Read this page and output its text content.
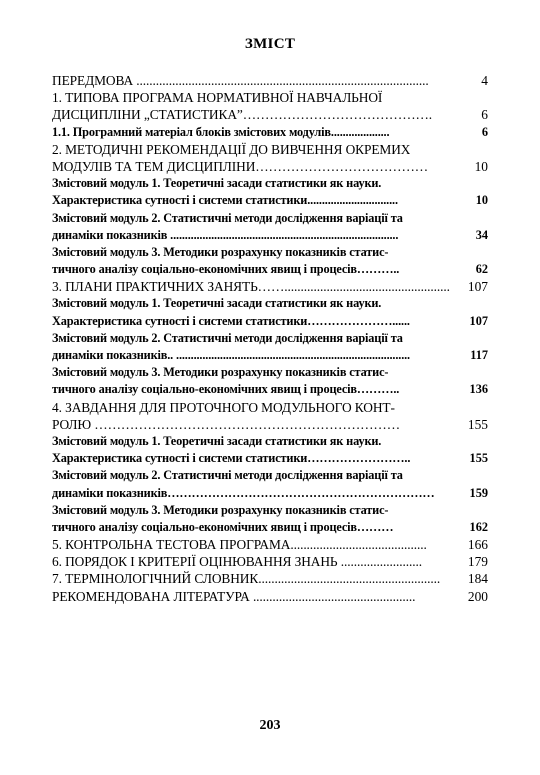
ЗМІСТ
ПЕРЕДМОВА ..........................................................................................	4
1. ТИПОВА ПРОГРАМА НОРМАТИВНОЇ НАВЧАЛЬНОЇ
ДИСЦИПЛІНИ „СТАТИСТИКА”…………………………………….	6
1.1. Програмний матеріал блоків змістових модулів....................	6
2. МЕТОДИЧНІ РЕКОМЕНДАЦІЇ ДО ВИВЧЕННЯ ОКРЕМИХ
МОДУЛІВ ТА ТЕМ ДИСЦИПЛІНИ…………………………………	10
Змістовий модуль 1. Теоретичні засади статистики як науки.
Характеристика сутності і системи статистики...............................	10
Змістовий модуль 2. Статистичні методи дослідження варіації та
динаміки показників ..............................................................................	34
Змістовий модуль 3. Методики розрахунку показників статис-
тичного аналізу соціально-економічних явищ і процесів………..	62
3. ПЛАНИ ПРАКТИЧНИХ ЗАНЯТЬ……................................................... 107
Змістовий модуль 1. Теоретичні засади статистики як науки.
Характеристика сутності і системи статистики…………………......	107
Змістовий модуль 2. Статистичні методи дослідження варіації та
динаміки показників.. ................................................................................	117
Змістовий модуль 3. Методики розрахунку показників статис-
тичного аналізу соціально-економічних явищ і процесів………..	136
4. ЗАВДАННЯ ДЛЯ ПРОТОЧНОГО МОДУЛЬНОГО КОНТ-
РОЛЮ ……………………………………………………………	155
Змістовий модуль 1. Теоретичні засади статистики як науки.
Характеристика сутності і системи статистики……………………..	155
Змістовий модуль 2. Статистичні методи дослідження варіації та
динаміки показників…………………………………………………………	159
Змістовий модуль 3. Методики розрахунку показників статис-
тичного аналізу соціально-економічних явищ і процесів………	162
5. КОНТРОЛЬНА ТЕСТОВА ПРОГРАМА..........................................	166
6. ПОРЯДОК І КРИТЕРІЇ ОЦІНЮВАННЯ ЗНАНЬ .........................	179
7. ТЕРМІНОЛОГІЧНИЙ СЛОВНИК........................................................ 184
РЕКОМЕНДОВАНА ЛІТЕРАТУРА ..................................................	200
203
